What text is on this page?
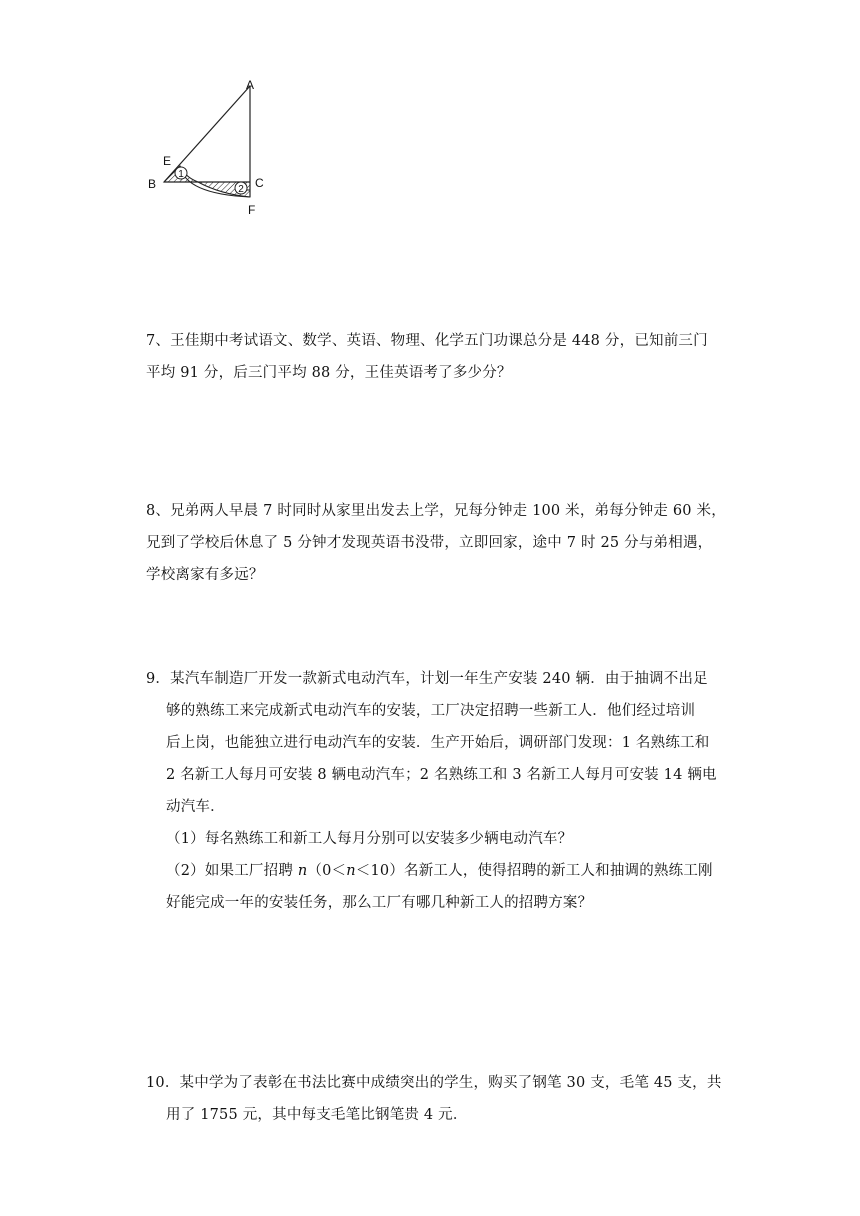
1
2
A
B	C
E
F
7、王佳期中考试语文、数学、英语、物理、化学五门功课总分是 448 分，已知前三门
平均 91 分，后三门平均 88 分，王佳英语考了多少分？
8、兄弟两人早晨 7 时同时从家里出发去上学，兄每分钟走 100 米，弟每分钟走 60 米，
兄到了学校后休息了 5 分钟才发现英语书没带，立即回家，途中 7 时 25 分与弟相遇，
学校离家有多远？
9．某汽车制造厂开发一款新式电动汽车，计划一年生产安装 240 辆．由于抽调不出足
够的熟练工来完成新式电动汽车的安装，工厂决定招聘一些新工人．他们经过培训
后上岗，也能独立进行电动汽车的安装．生产开始后，调研部门发现：1 名熟练工和
2 名新工人每月可安装 8 辆电动汽车；2 名熟练工和 3 名新工人每月可安装 14 辆电
动汽车．
（1）每名熟练工和新工人每月分别可以安装多少辆电动汽车？
（2）如果工厂招聘 n（0＜n＜10）名新工人，使得招聘的新工人和抽调的熟练工刚
好能完成一年的安装任务，那么工厂有哪几种新工人的招聘方案？
10．某中学为了表彰在书法比赛中成绩突出的学生，购买了钢笔 30 支，毛笔 45 支，共
用了 1755 元，其中每支毛笔比钢笔贵 4 元．
